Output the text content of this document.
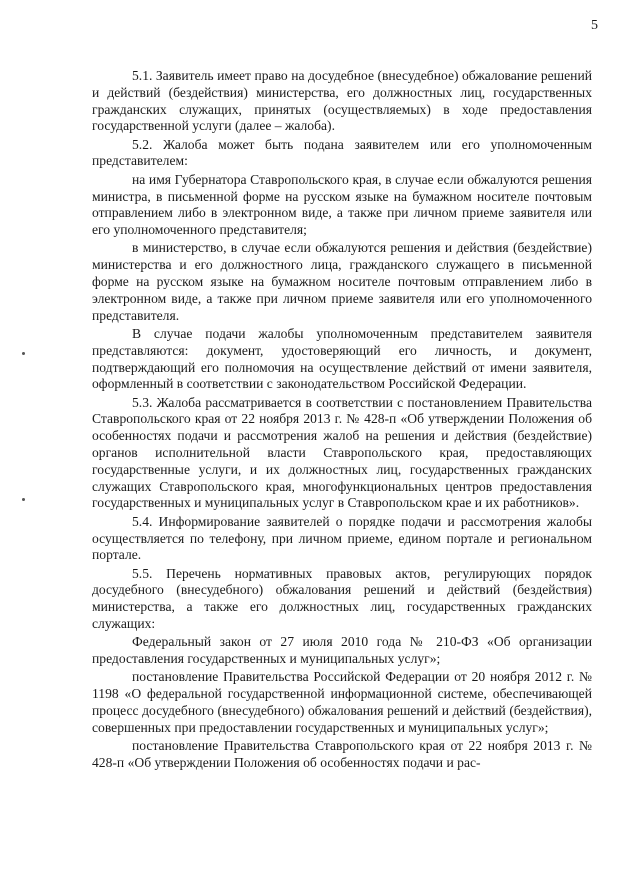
5

5.1. Заявитель имеет право на досудебное (внесудебное) обжалование решений и действий (бездействия) министерства, его должностных лиц, государственных гражданских служащих, принятых (осуществляемых) в ходе предоставления государственной услуги (далее – жалоба).

5.2. Жалоба может быть подана заявителем или его уполномоченным представителем:

на имя Губернатора Ставропольского края, в случае если обжалуются решения министра, в письменной форме на русском языке на бумажном носителе почтовым отправлением либо в электронном виде, а также при личном приеме заявителя или его уполномоченного представителя;

в министерство, в случае если обжалуются решения и действия (бездействие) министерства и его должностного лица, гражданского служащего в письменной форме на русском языке на бумажном носителе почтовым отправлением либо в электронном виде, а также при личном приеме заявителя или его уполномоченного представителя.

В случае подачи жалобы уполномоченным представителем заявителя представляются: документ, удостоверяющий его личность, и документ, подтверждающий его полномочия на осуществление действий от имени заявителя, оформленный в соответствии с законодательством Российской Федерации.

5.3. Жалоба рассматривается в соответствии с постановлением Правительства Ставропольского края от 22 ноября 2013 г. № 428-п «Об утверждении Положения об особенностях подачи и рассмотрения жалоб на решения и действия (бездействие) органов исполнительной власти Ставропольского края, предоставляющих государственные услуги, и их должностных лиц, государственных гражданских служащих Ставропольского края, многофункциональных центров предоставления государственных и муниципальных услуг в Ставропольском крае и их работников».

5.4. Информирование заявителей о порядке подачи и рассмотрения жалобы осуществляется по телефону, при личном приеме, едином портале и региональном портале.

5.5. Перечень нормативных правовых актов, регулирующих порядок досудебного (внесудебного) обжалования решений и действий (бездействия) министерства, а также его должностных лиц, государственных гражданских служащих:

Федеральный закон от 27 июля 2010 года № 210-ФЗ «Об организации предоставления государственных и муниципальных услуг»;

постановление Правительства Российской Федерации от 20 ноября 2012 г. № 1198 «О федеральной государственной информационной системе, обеспечивающей процесс досудебного (внесудебного) обжалования решений и действий (бездействия), совершенных при предоставлении государственных и муниципальных услуг»;

постановление Правительства Ставропольского края от 22 ноября 2013 г. № 428-п «Об утверждении Положения об особенностях подачи и рас-
